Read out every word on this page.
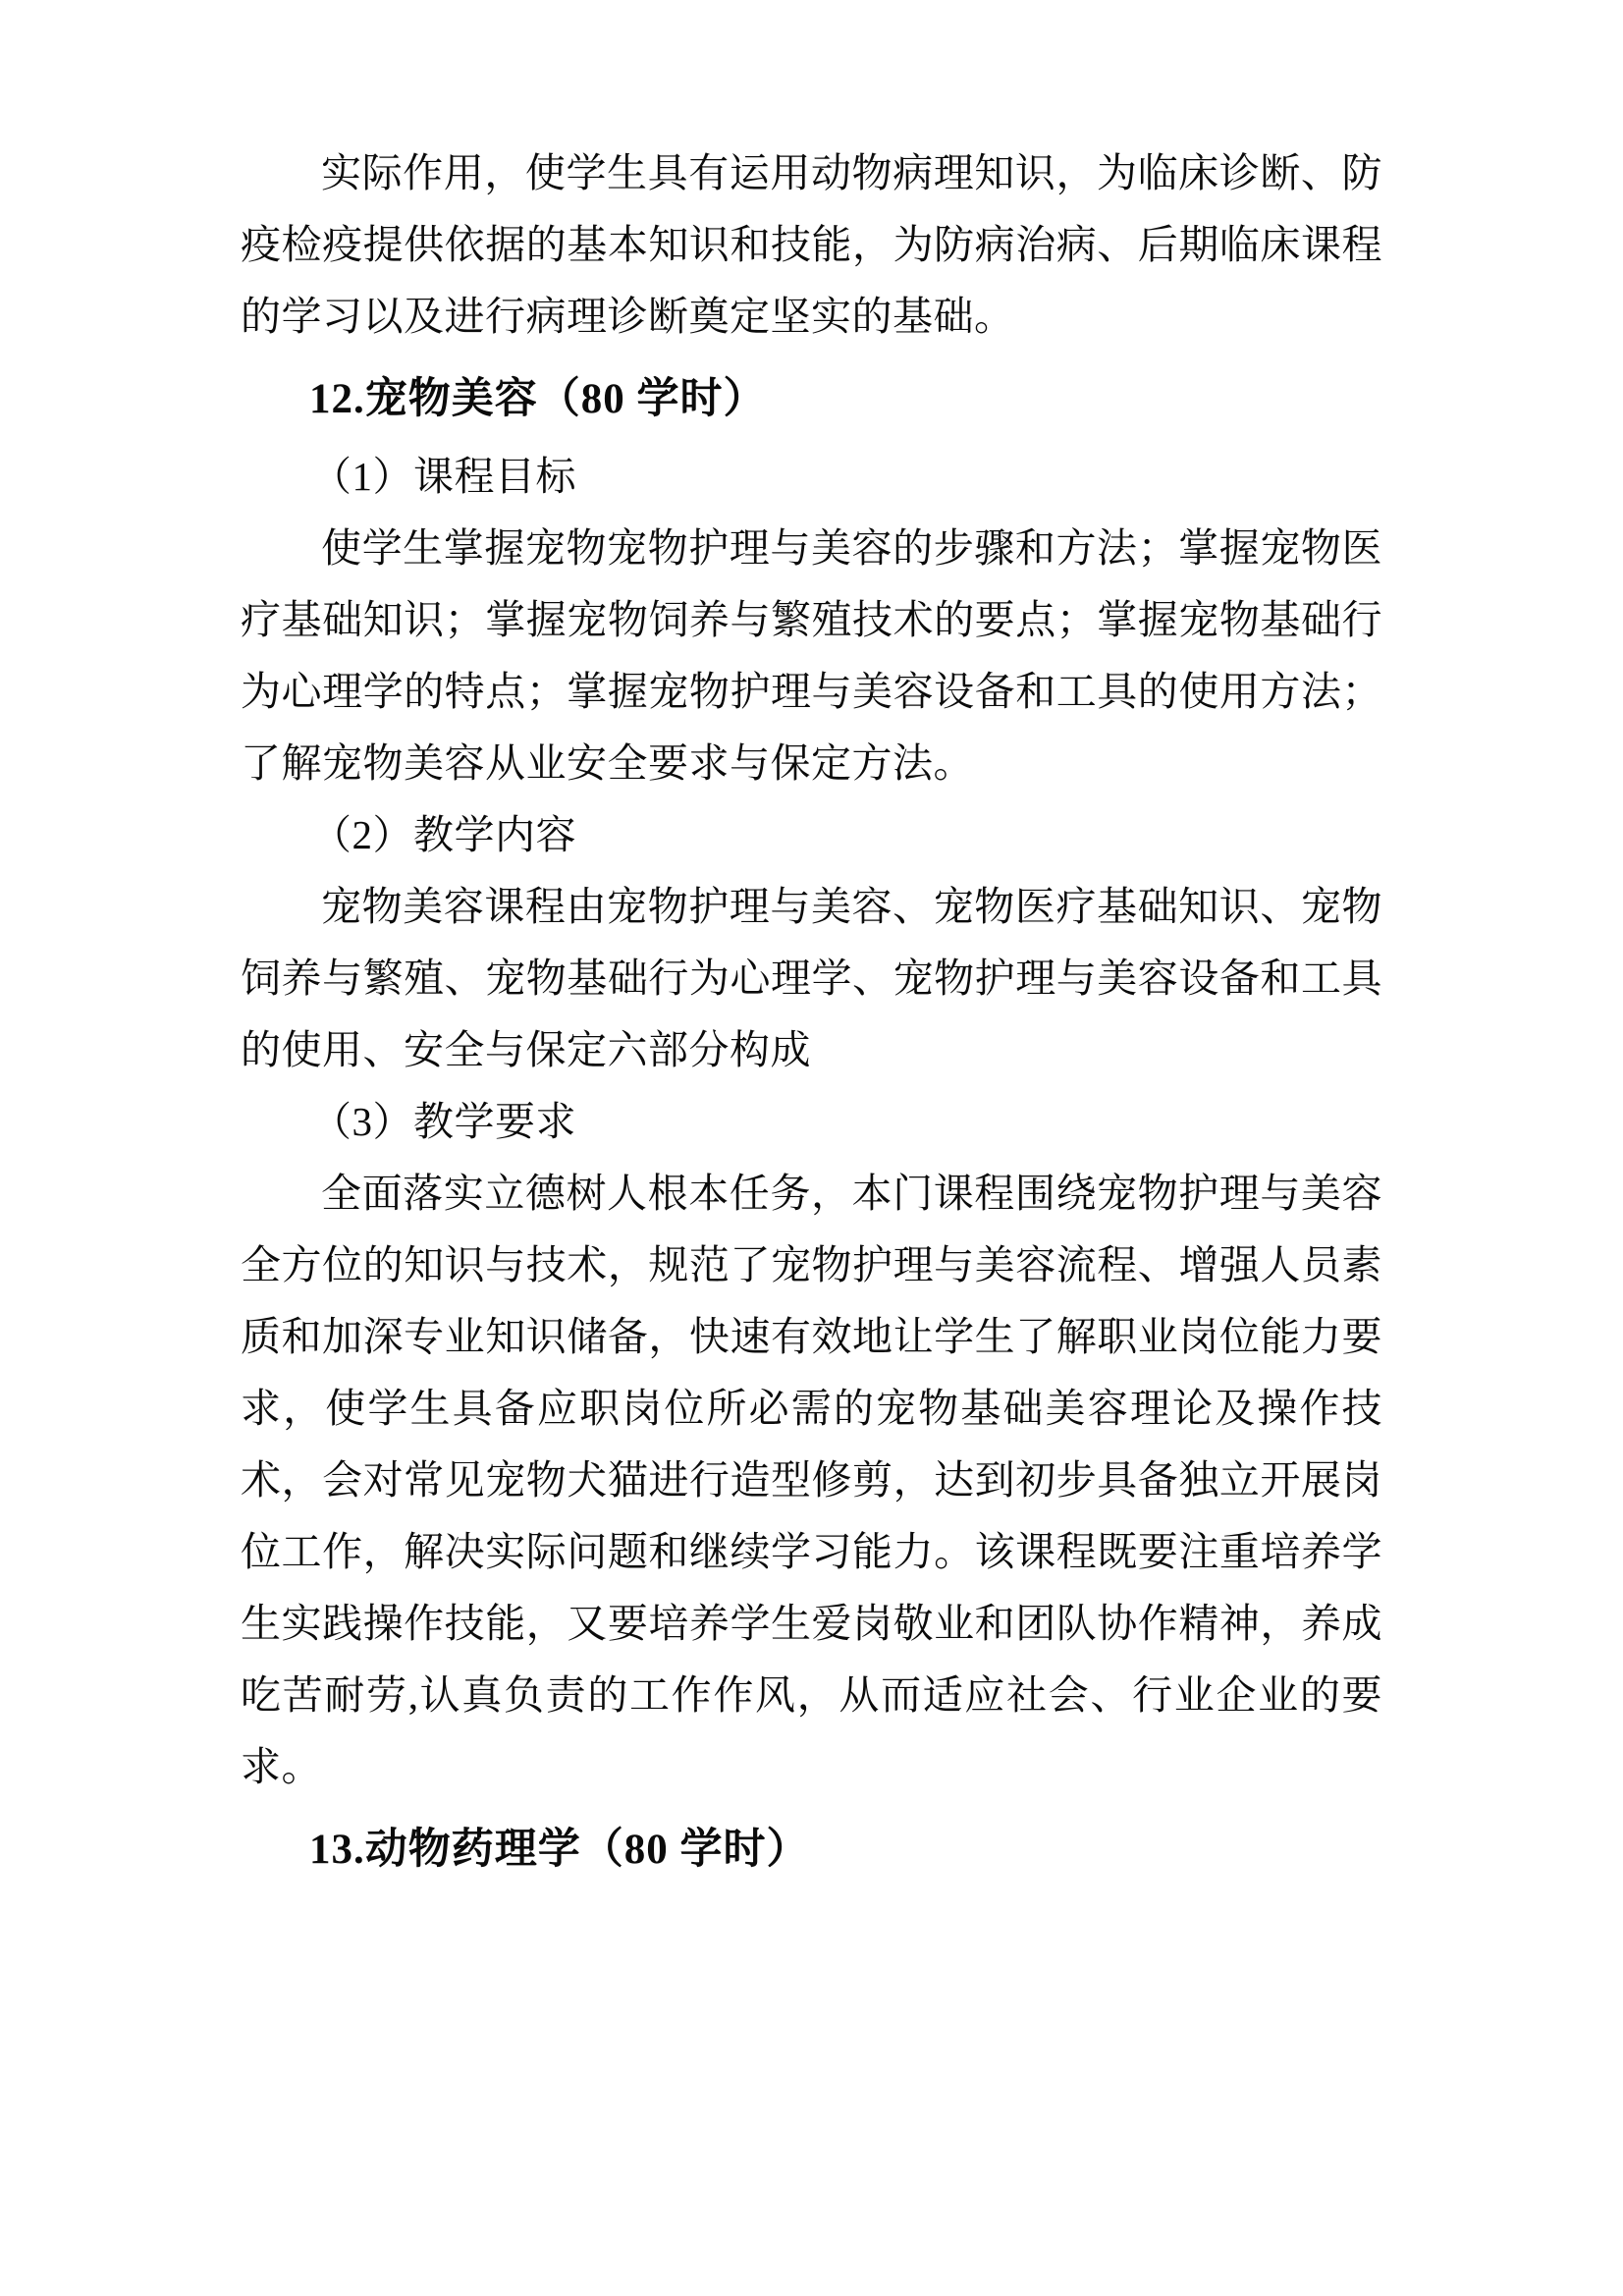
实际作用，使学生具有运用动物病理知识，为临床诊断、防疫检疫提供依据的基本知识和技能，为防病治病、后期临床课程的学习以及进行病理诊断奠定坚实的基础。

12.宠物美容（80 学时）

（1）课程目标

使学生掌握宠物宠物护理与美容的步骤和方法；掌握宠物医疗基础知识；掌握宠物饲养与繁殖技术的要点；掌握宠物基础行为心理学的特点；掌握宠物护理与美容设备和工具的使用方法；了解宠物美容从业安全要求与保定方法。

（2）教学内容

宠物美容课程由宠物护理与美容、宠物医疗基础知识、宠物饲养与繁殖、宠物基础行为心理学、宠物护理与美容设备和工具的使用、安全与保定六部分构成

（3）教学要求

全面落实立德树人根本任务，本门课程围绕宠物护理与美容全方位的知识与技术，规范了宠物护理与美容流程、增强人员素质和加深专业知识储备，快速有效地让学生了解职业岗位能力要求，使学生具备应职岗位所必需的宠物基础美容理论及操作技术，会对常见宠物犬猫进行造型修剪，达到初步具备独立开展岗位工作，解决实际问题和继续学习能力。该课程既要注重培养学生实践操作技能，又要培养学生爱岗敬业和团队协作精神，养成吃苦耐劳,认真负责的工作作风，从而适应社会、行业企业的要求。

13.动物药理学（80 学时）
